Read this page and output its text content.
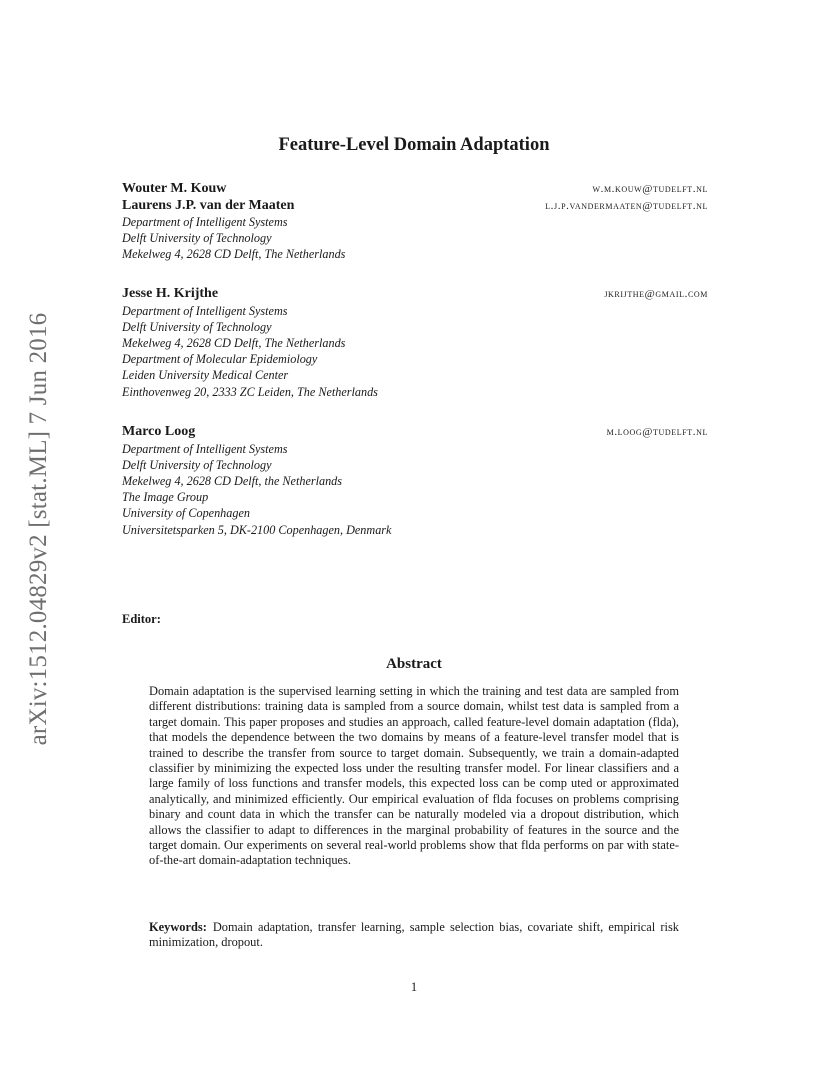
arXiv:1512.04829v2 [stat.ML] 7 Jun 2016
Feature-Level Domain Adaptation
Wouter M. Kouw	w.m.kouw@tudelft.nl
Laurens J.P. van der Maaten	l.j.p.vandermaaten@tudelft.nl
Department of Intelligent Systems
Delft University of Technology
Mekelweg 4, 2628 CD Delft, The Netherlands
Jesse H. Krijthe	jkrijthe@gmail.com
Department of Intelligent Systems
Delft University of Technology
Mekelweg 4, 2628 CD Delft, The Netherlands
Department of Molecular Epidemiology
Leiden University Medical Center
Einthovenweg 20, 2333 ZC Leiden, The Netherlands
Marco Loog	m.loog@tudelft.nl
Department of Intelligent Systems
Delft University of Technology
Mekelweg 4, 2628 CD Delft, the Netherlands
The Image Group
University of Copenhagen
Universitetsparken 5, DK-2100 Copenhagen, Denmark
Editor:
Abstract
Domain adaptation is the supervised learning setting in which the training and test data are sampled from different distributions: training data is sampled from a source domain, whilst test data is sampled from a target domain. This paper proposes and studies an approach, called feature-level domain adaptation (flda), that models the dependence between the two domains by means of a feature-level transfer model that is trained to describe the transfer from source to target domain. Subsequently, we train a domain-adapted classifier by minimizing the expected loss under the resulting transfer model. For linear classifiers and a large family of loss functions and transfer models, this expected loss can be comp uted or approximated analytically, and minimized efficiently. Our empirical evaluation of flda focuses on problems comprising binary and count data in which the transfer can be naturally modeled via a dropout distribution, which allows the classifier to adapt to differences in the marginal probability of features in the source and the target domain. Our experiments on several real-world problems show that flda performs on par with state-of-the-art domain-adaptation techniques.
Keywords: Domain adaptation, transfer learning, sample selection bias, covariate shift, empirical risk minimization, dropout.
1
